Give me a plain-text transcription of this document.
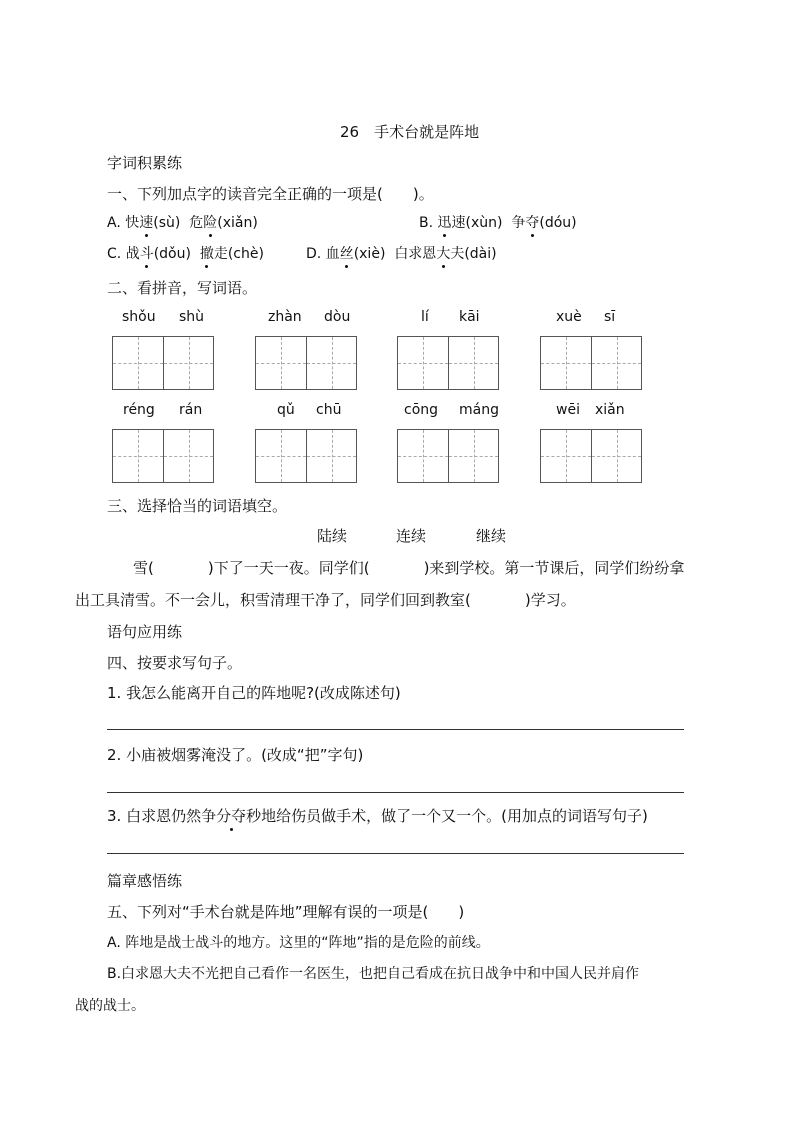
26　手术台就是阵地
字词积累练
一、下列加点字的读音完全正确的一项是(　　)。
A. 快速(sù) 危险(xiǎn)	B. 迅速(xùn) 争夺(dóu)
C. 战斗(dǒu) 撤走(chè)	D. 血丝(xiè) 白求恩大夫(dài)
二、看拼音，写词语。
shǒu shù	zhàn dòu	lí kāi	xuè sī
réng rán	qǔ chū	cōng máng	wēi xiǎn
三、选择恰当的词语填空。
陆续	连续	继续
雪(	)下了一天一夜。同学们(	)来到学校。第一节课后，同学们纷纷拿
出工具清雪。不一会儿，积雪清理干净了，同学们回到教室(	)学习。
语句应用练
四、按要求写句子。
1. 我怎么能离开自己的阵地呢?(改成陈述句)
2. 小庙被烟雾淹没了。(改成“把”字句)
3. 白求恩仍然争分夺秒地给伤员做手术，做了一个又一个。(用加点的词语写句子)
篇章感悟练
五、下列对“手术台就是阵地”理解有误的一项是(　　)
A. 阵地是战士战斗的地方。这里的“阵地”指的是危险的前线。
B.白求恩大夫不光把自己看作一名医生，也把自己看成在抗日战争中和中国人民并肩作
战的战士。
